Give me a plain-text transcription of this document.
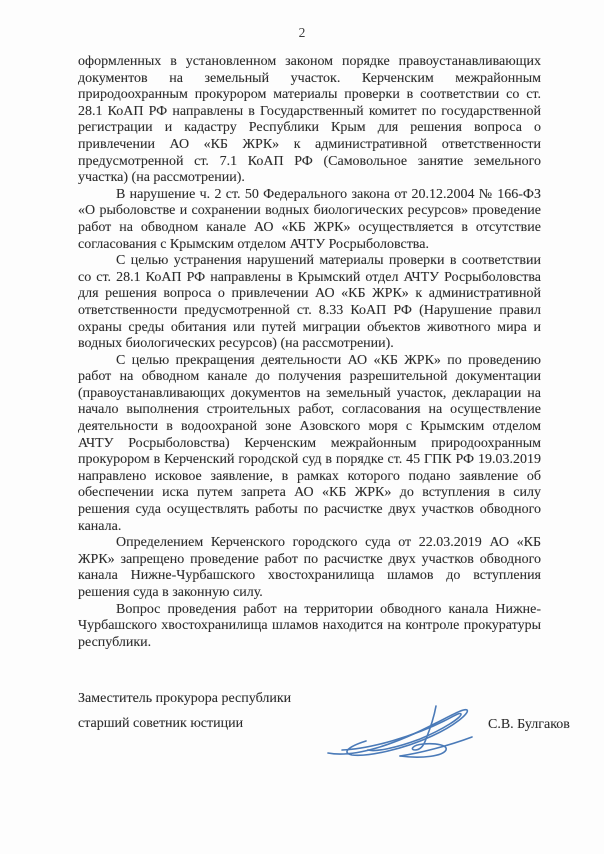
2

оформленных в установленном законом порядке правоустанавливающих документов на земельный участок. Керченским межрайонным природоохранным прокурором материалы проверки в соответствии со ст. 28.1 КоАП РФ направлены в Государственный комитет по государственной регистрации и кадастру Республики Крым для решения вопроса о привлечении АО «КБ ЖРК» к административной ответственности предусмотренной ст. 7.1 КоАП РФ (Самовольное занятие земельного участка) (на рассмотрении).

В нарушение ч. 2 ст. 50 Федерального закона от 20.12.2004 № 166-ФЗ «О рыболовстве и сохранении водных биологических ресурсов» проведение работ на обводном канале АО «КБ ЖРК» осуществляется в отсутствие согласования с Крымским отделом АЧТУ Росрыболовства.

С целью устранения нарушений материалы проверки в соответствии со ст. 28.1 КоАП РФ направлены в Крымский отдел АЧТУ Росрыболовства для решения вопроса о привлечении АО «КБ ЖРК» к административной ответственности предусмотренной ст. 8.33 КоАП РФ (Нарушение правил охраны среды обитания или путей миграции объектов животного мира и водных биологических ресурсов) (на рассмотрении).

С целью прекращения деятельности АО «КБ ЖРК» по проведению работ на обводном канале до получения разрешительной документации (правоустанавливающих документов на земельный участок, декларации на начало выполнения строительных работ, согласования на осуществление деятельности в водоохраной зоне Азовского моря с Крымским отделом АЧТУ Росрыболовства) Керченским межрайонным природоохранным прокурором в Керченский городской суд в порядке ст. 45 ГПК РФ 19.03.2019 направлено исковое заявление, в рамках которого подано заявление об обеспечении иска путем запрета АО «КБ ЖРК» до вступления в силу решения суда осуществлять работы по расчистке двух участков обводного канала.

Определением Керченского городского суда от 22.03.2019 АО «КБ ЖРК» запрещено проведение работ по расчистке двух участков обводного канала Нижне-Чурбашского хвостохранилища шламов до вступления решения суда в законную силу.

Вопрос проведения работ на территории обводного канала Нижне-Чурбашского хвостохранилища шламов находится на контроле прокуратуры республики.

Заместитель прокурора республики
старший советник юстиции	С.В. Булгаков
